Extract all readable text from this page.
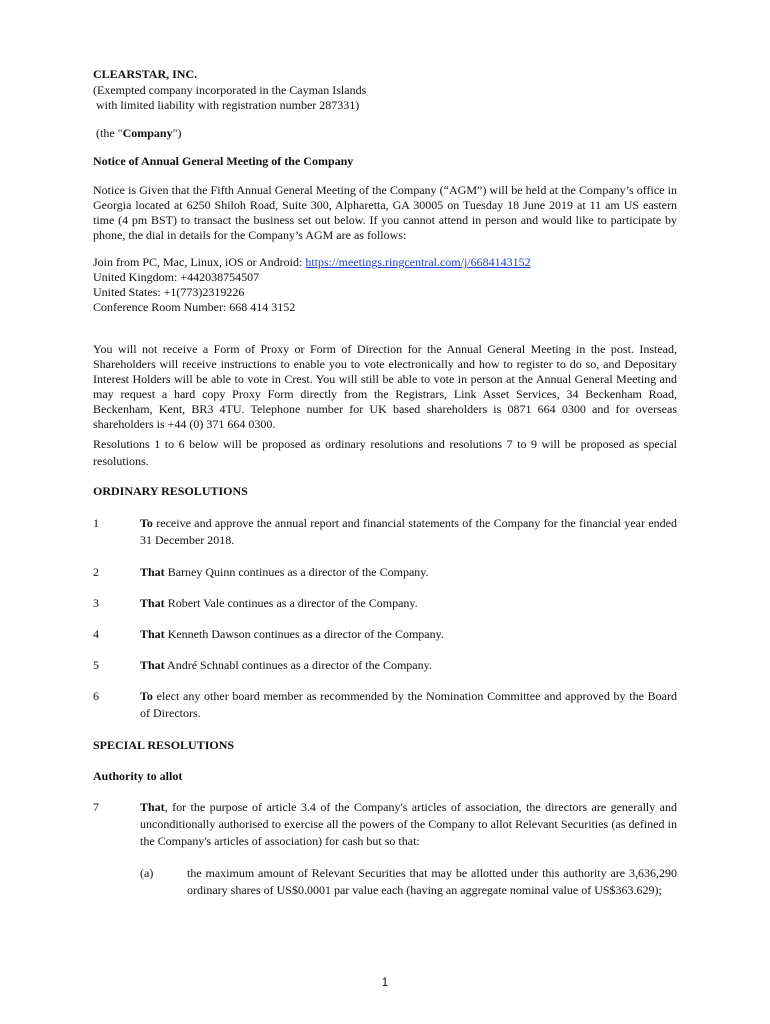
CLEARSTAR, INC.
(Exempted company incorporated in the Cayman Islands
with limited liability with registration number 287331)
(the "Company")
Notice of Annual General Meeting of the Company
Notice is Given that the Fifth Annual General Meeting of the Company (“AGM”) will be held at the Company’s office in Georgia located at 6250 Shiloh Road, Suite 300, Alpharetta, GA 30005 on Tuesday 18 June 2019 at 11 am US eastern time (4 pm BST) to transact the business set out below. If you cannot attend in person and would like to participate by phone, the dial in details for the Company’s AGM are as follows:
Join from PC, Mac, Linux, iOS or Android: https://meetings.ringcentral.com/j/6684143152
United Kingdom: +442038754507
United States: +1(773)2319226
Conference Room Number: 668 414 3152
You will not receive a Form of Proxy or Form of Direction for the Annual General Meeting in the post. Instead, Shareholders will receive instructions to enable you to vote electronically and how to register to do so, and Depositary Interest Holders will be able to vote in Crest. You will still be able to vote in person at the Annual General Meeting and may request a hard copy Proxy Form directly from the Registrars, Link Asset Services, 34 Beckenham Road, Beckenham, Kent, BR3 4TU. Telephone number for UK based shareholders is 0871 664 0300 and for overseas shareholders is +44 (0) 371 664 0300.
Resolutions 1 to 6 below will be proposed as ordinary resolutions and resolutions 7 to 9 will be proposed as special resolutions.
ORDINARY RESOLUTIONS
1	To receive and approve the annual report and financial statements of the Company for the financial year ended 31 December 2018.
2	That Barney Quinn continues as a director of the Company.
3	That Robert Vale continues as a director of the Company.
4	That Kenneth Dawson continues as a director of the Company.
5	That André Schnabl continues as a director of the Company.
6	To elect any other board member as recommended by the Nomination Committee and approved by the Board of Directors.
SPECIAL RESOLUTIONS
Authority to allot
7	That, for the purpose of article 3.4 of the Company's articles of association, the directors are generally and unconditionally authorised to exercise all the powers of the Company to allot Relevant Securities (as defined in the Company's articles of association) for cash but so that:
(a)	the maximum amount of Relevant Securities that may be allotted under this authority are 3,636,290 ordinary shares of US$0.0001 par value each (having an aggregate nominal value of US$363.629);
1
